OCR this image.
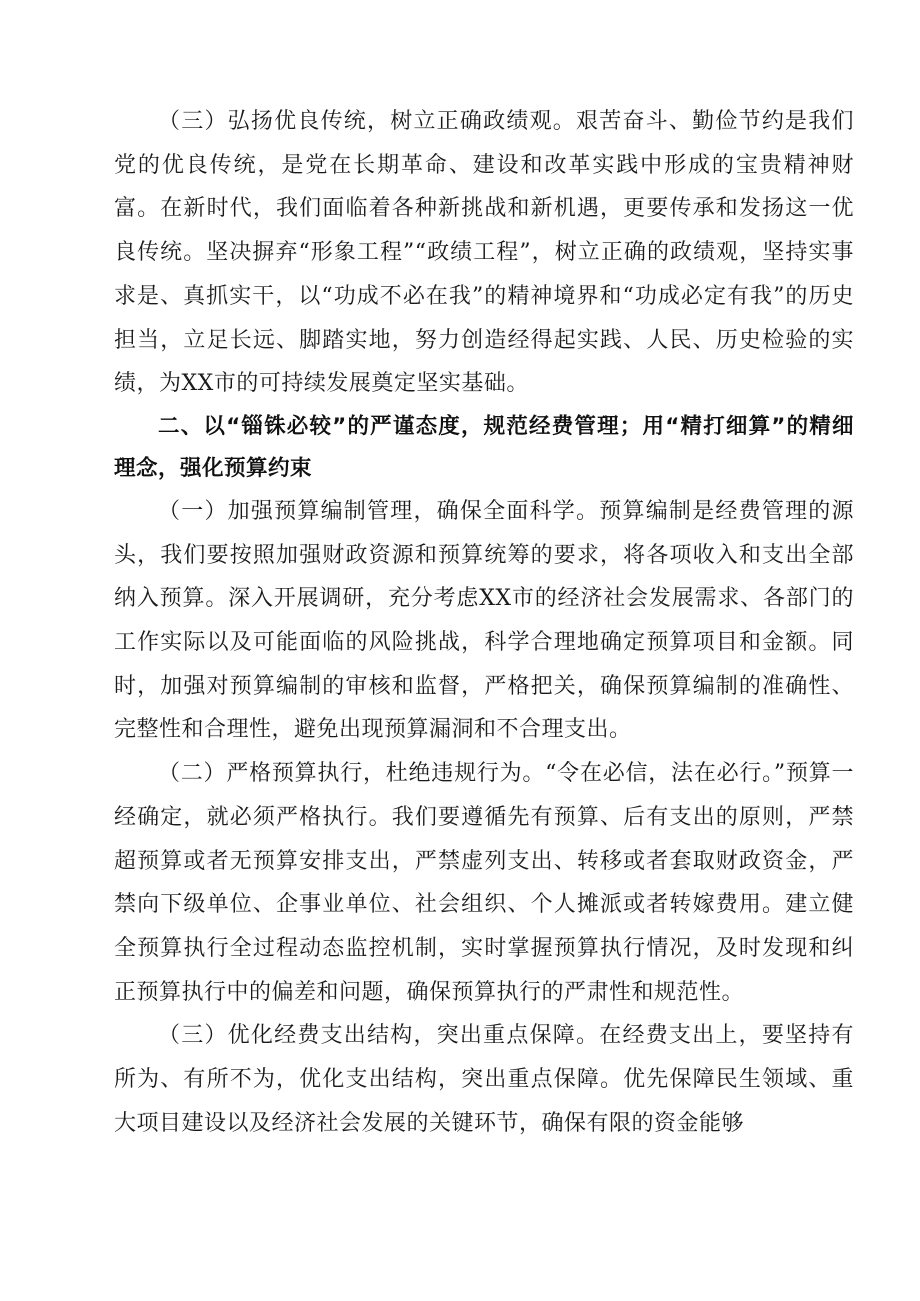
（三）弘扬优良传统，树立正确政绩观。艰苦奋斗、勤俭节约是我们党的优良传统，是党在长期革命、建设和改革实践中形成的宝贵精神财富。在新时代，我们面临着各种新挑战和新机遇，更要传承和发扬这一优良传统。坚决摒弃“形象工程”“政绩工程”，树立正确的政绩观，坚持实事求是、真抓实干，以“功成不必在我”的精神境界和“功成必定有我”的历史担当，立足长远、脚踏实地，努力创造经得起实践、人民、历史检验的实绩，为XX市的可持续发展奠定坚实基础。

二、以“锱铢必较”的严谨态度，规范经费管理；用“精打细算”的精细理念，强化预算约束

（一）加强预算编制管理，确保全面科学。预算编制是经费管理的源头，我们要按照加强财政资源和预算统筹的要求，将各项收入和支出全部纳入预算。深入开展调研，充分考虑XX市的经济社会发展需求、各部门的工作实际以及可能面临的风险挑战，科学合理地确定预算项目和金额。同时，加强对预算编制的审核和监督，严格把关，确保预算编制的准确性、完整性和合理性，避免出现预算漏洞和不合理支出。

（二）严格预算执行，杜绝违规行为。“令在必信，法在必行。”预算一经确定，就必须严格执行。我们要遵循先有预算、后有支出的原则，严禁超预算或者无预算安排支出，严禁虚列支出、转移或者套取财政资金，严禁向下级单位、企事业单位、社会组织、个人摊派或者转嫁费用。建立健全预算执行全过程动态监控机制，实时掌握预算执行情况，及时发现和纠正预算执行中的偏差和问题，确保预算执行的严肃性和规范性。

（三）优化经费支出结构，突出重点保障。在经费支出上，要坚持有所为、有所不为，优化支出结构，突出重点保障。优先保障民生领域、重大项目建设以及经济社会发展的关键环节，确保有限的资金能够
